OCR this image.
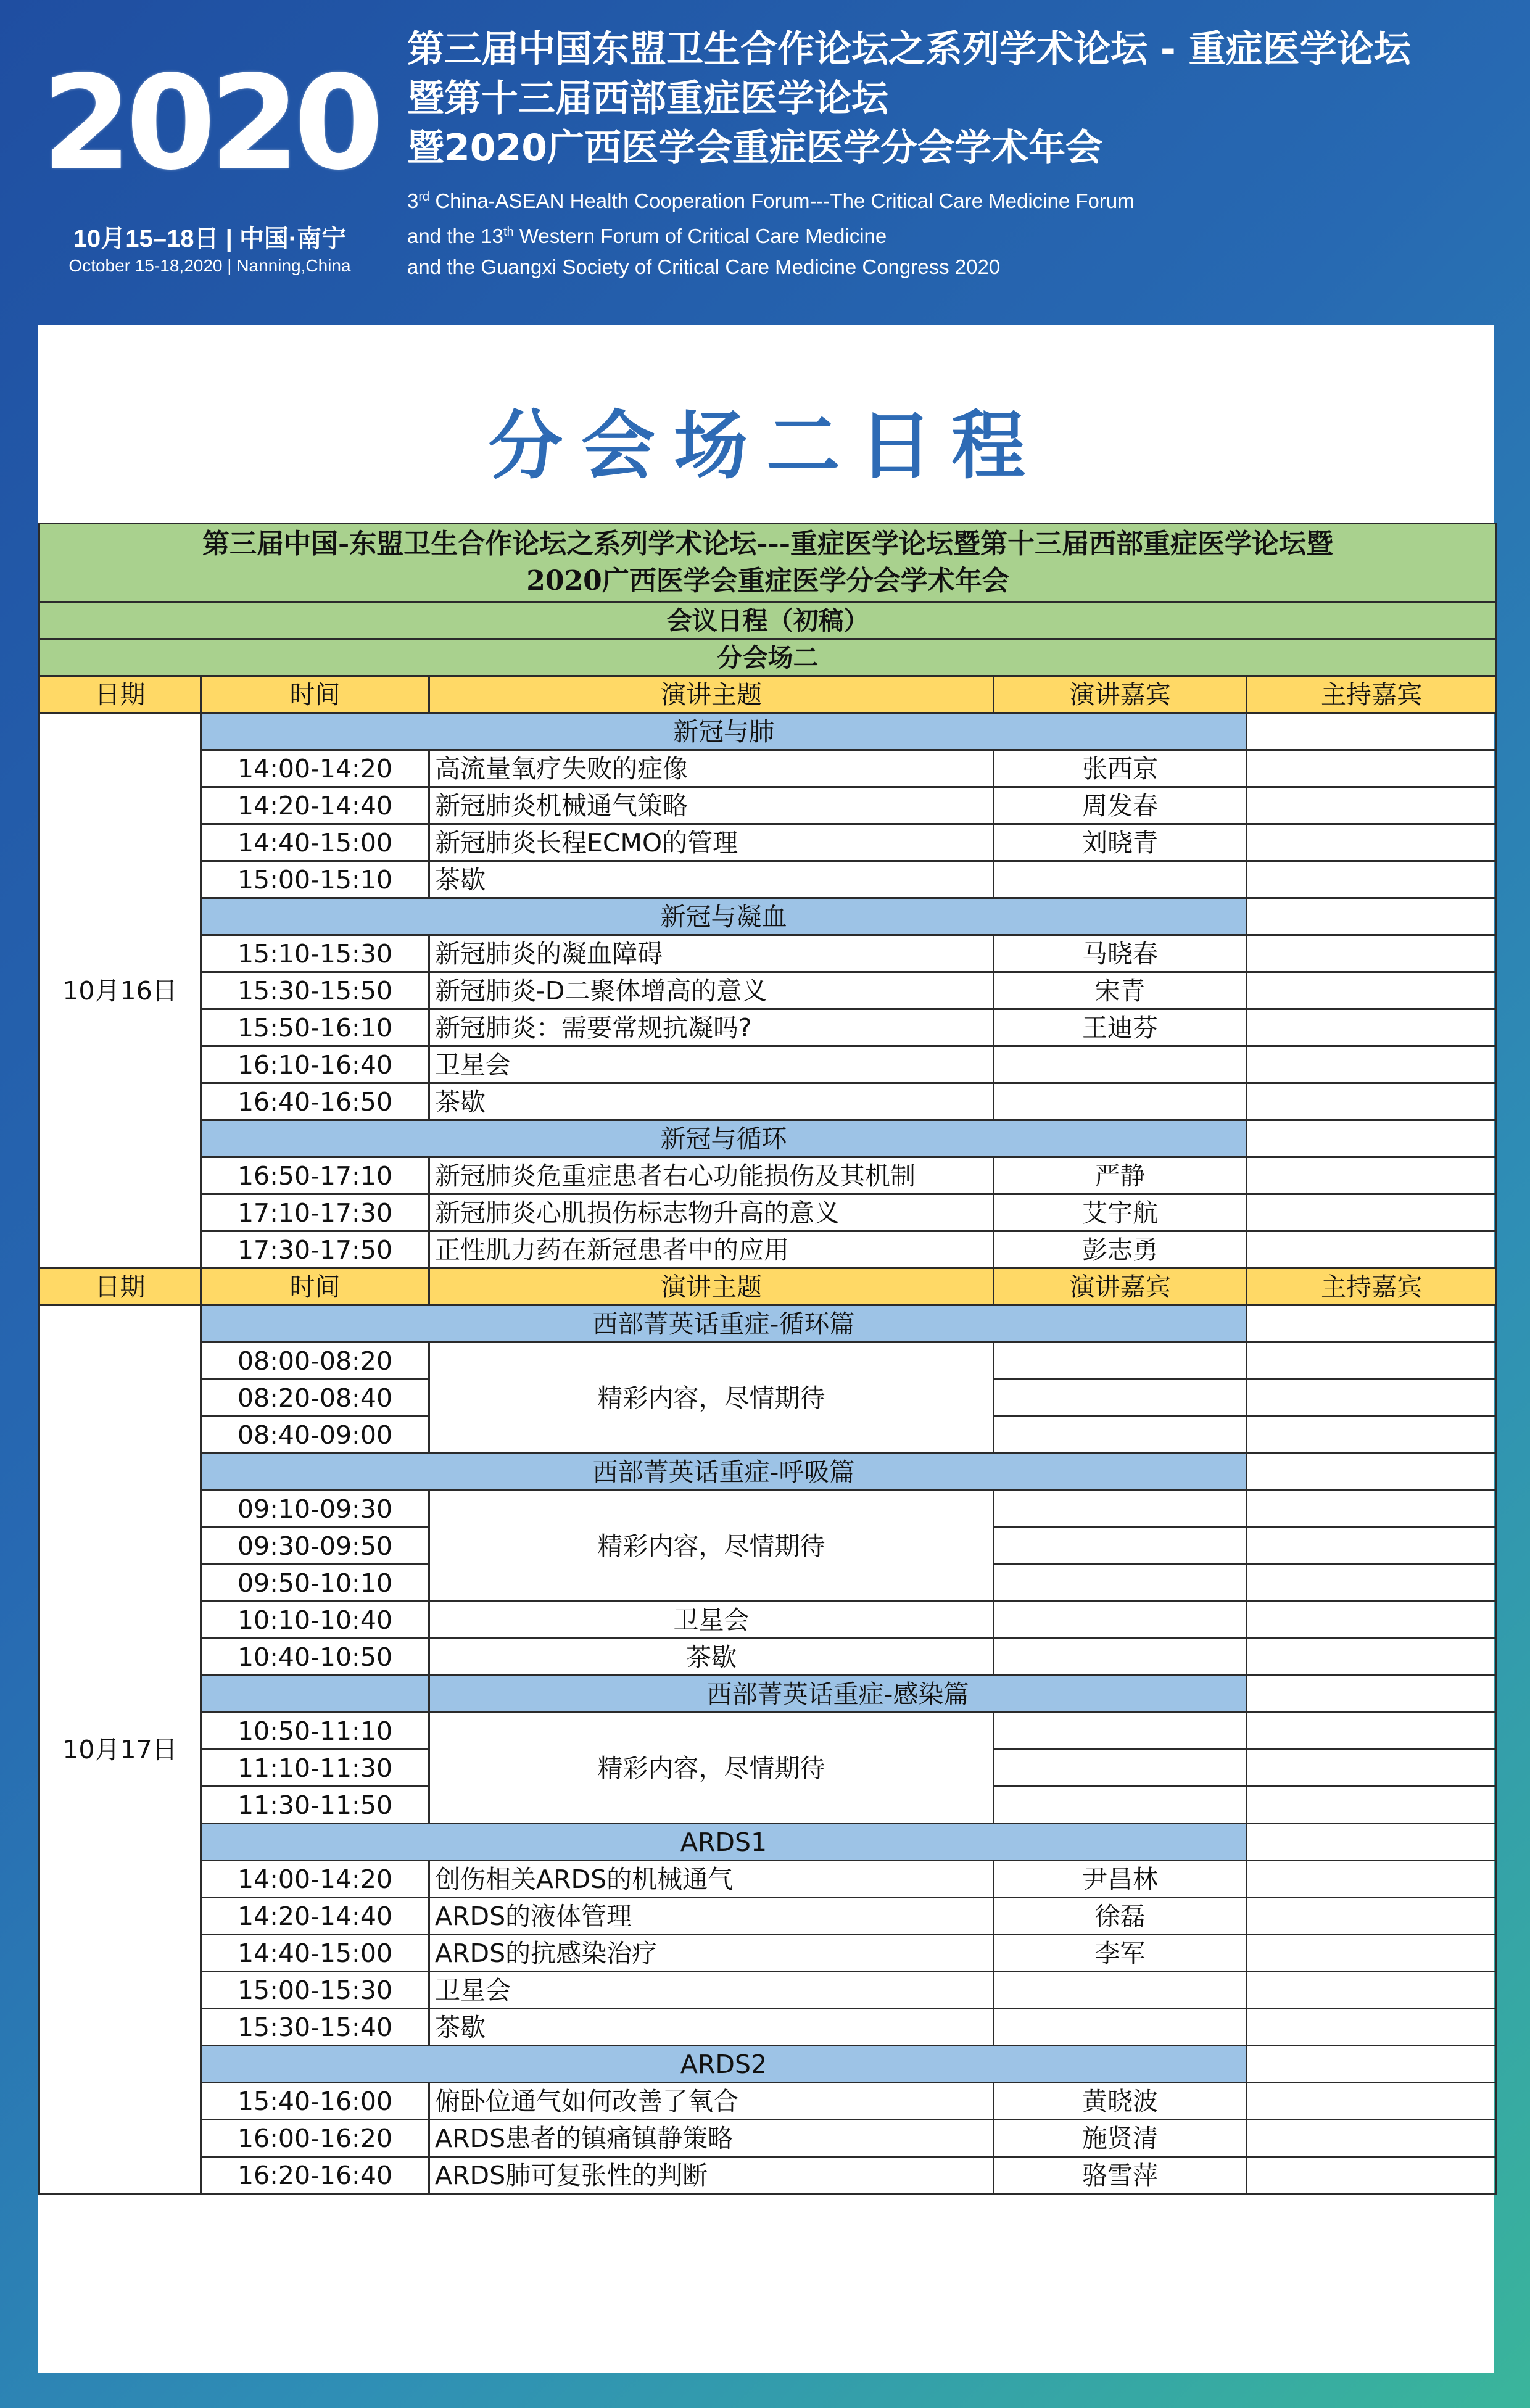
2020
10月15–18日 | 中国·南宁
October 15-18,2020 | Nanning,China
第三届中国东盟卫生合作论坛之系列学术论坛 - 重症医学论坛
暨第十三届西部重症医学论坛
暨2020广西医学会重症医学分会学术年会
3rd China-ASEAN Health Cooperation Forum---The Critical Care Medicine Forum
and the 13th Western Forum of Critical Care Medicine
and the Guangxi Society of Critical Care Medicine Congress 2020
分会场二日程
第三届中国-东盟卫生合作论坛之系列学术论坛---重症医学论坛暨第十三届西部重症医学论坛暨
2020广西医学会重症医学分会学术年会				
会议日程（初稿）				
分会场二				
日期	时间	演讲主题	演讲嘉宾	主持嘉宾
10月16日	新冠与肺			
	14:00-14:20	高流量氧疗失败的症像	张西京	
	14:20-14:40	新冠肺炎机械通气策略	周发春	
	14:40-15:00	新冠肺炎长程ECMO的管理	刘晓青	
	15:00-15:10	茶歇		
	新冠与凝血			
	15:10-15:30	新冠肺炎的凝血障碍	马晓春	
	15:30-15:50	新冠肺炎-D二聚体增高的意义	宋青	
	15:50-16:10	新冠肺炎：需要常规抗凝吗?	王迪芬	
	16:10-16:40	卫星会		
	16:40-16:50	茶歇		
	新冠与循环			
	16:50-17:10	新冠肺炎危重症患者右心功能损伤及其机制	严静	
	17:10-17:30	新冠肺炎心肌损伤标志物升高的意义	艾宇航	
	17:30-17:50	正性肌力药在新冠患者中的应用	彭志勇	
日期	时间	演讲主题	演讲嘉宾	主持嘉宾
10月17日	西部菁英话重症-循环篇			
	08:00-08:20	精彩内容，尽情期待		
	08:20-08:40			
	08:40-09:00			
	西部菁英话重症-呼吸篇			
	09:10-09:30	精彩内容，尽情期待		
	09:30-09:50			
	09:50-10:10			
	10:10-10:40	卫星会		
	10:40-10:50	茶歇		
		西部菁英话重症-感染篇		
	10:50-11:10	精彩内容，尽情期待		
	11:10-11:30			
	11:30-11:50			
	ARDS1			
	14:00-14:20	创伤相关ARDS的机械通气	尹昌林	
	14:20-14:40	ARDS的液体管理	徐磊	
	14:40-15:00	ARDS的抗感染治疗	李军	
	15:00-15:30	卫星会		
	15:30-15:40	茶歇		
	ARDS2			
	15:40-16:00	俯卧位通气如何改善了氧合	黄晓波	
	16:00-16:20	ARDS患者的镇痛镇静策略	施贤清	
	16:20-16:40	ARDS肺可复张性的判断	骆雪萍	
